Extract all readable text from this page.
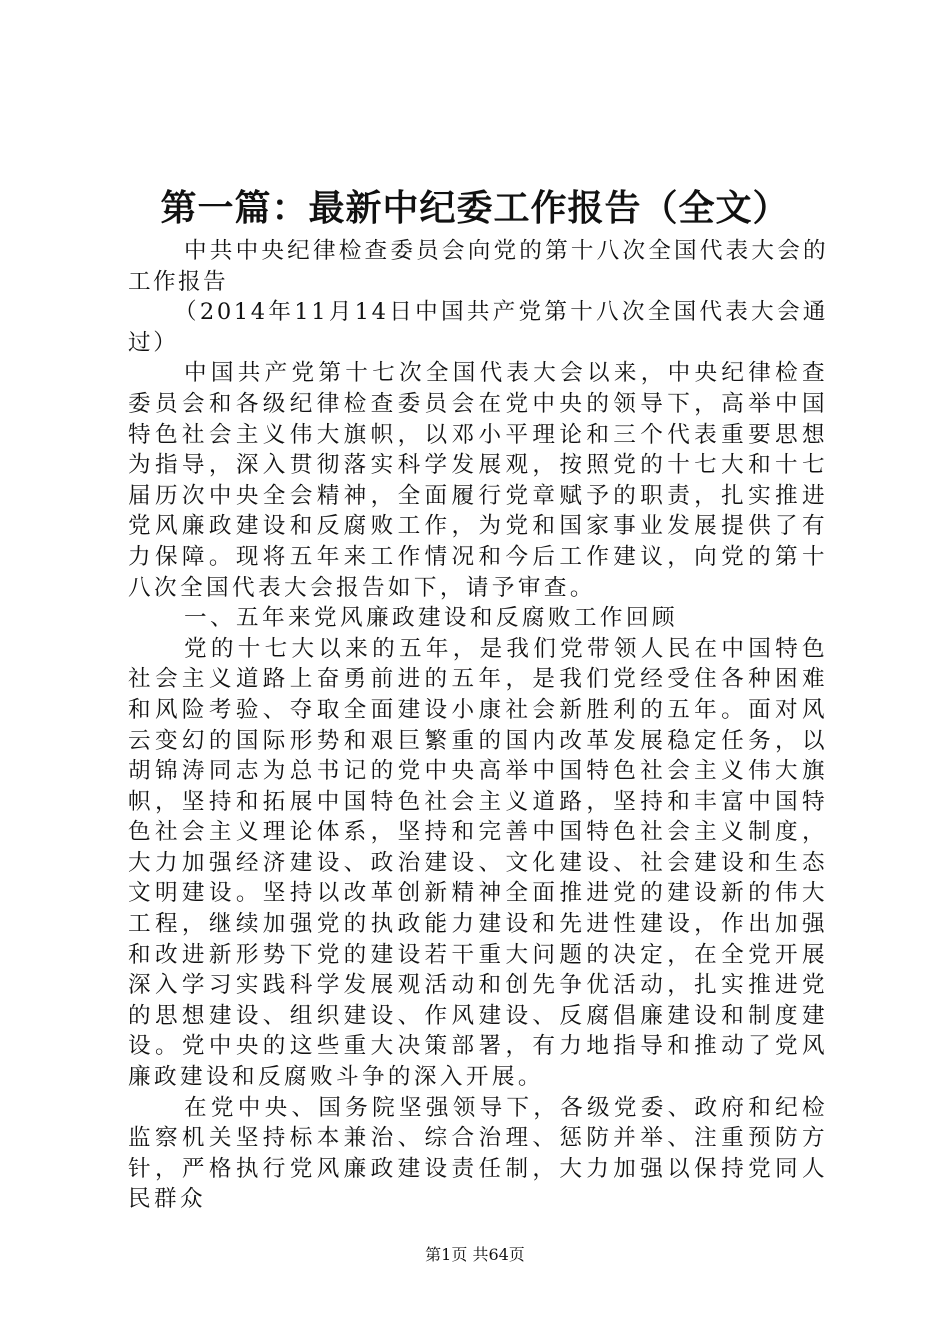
第一篇：最新中纪委工作报告（全文）

中共中央纪律检查委员会向党的第十八次全国代表大会的工作报告

（2014年11月14日中国共产党第十八次全国代表大会通过）

中国共产党第十七次全国代表大会以来，中央纪律检查委员会和各级纪律检查委员会在党中央的领导下，高举中国特色社会主义伟大旗帜，以邓小平理论和三个代表重要思想为指导，深入贯彻落实科学发展观，按照党的十七大和十七届历次中央全会精神，全面履行党章赋予的职责，扎实推进党风廉政建设和反腐败工作，为党和国家事业发展提供了有力保障。现将五年来工作情况和今后工作建议，向党的第十八次全国代表大会报告如下，请予审查。

一、五年来党风廉政建设和反腐败工作回顾

党的十七大以来的五年，是我们党带领人民在中国特色社会主义道路上奋勇前进的五年，是我们党经受住各种困难和风险考验、夺取全面建设小康社会新胜利的五年。面对风云变幻的国际形势和艰巨繁重的国内改革发展稳定任务，以胡锦涛同志为总书记的党中央高举中国特色社会主义伟大旗帜，坚持和拓展中国特色社会主义道路，坚持和丰富中国特色社会主义理论体系，坚持和完善中国特色社会主义制度，大力加强经济建设、政治建设、文化建设、社会建设和生态文明建设。坚持以改革创新精神全面推进党的建设新的伟大工程，继续加强党的执政能力建设和先进性建设，作出加强和改进新形势下党的建设若干重大问题的决定，在全党开展深入学习实践科学发展观活动和创先争优活动，扎实推进党的思想建设、组织建设、作风建设、反腐倡廉建设和制度建设。党中央的这些重大决策部署，有力地指导和推动了党风廉政建设和反腐败斗争的深入开展。

在党中央、国务院坚强领导下，各级党委、政府和纪检监察机关坚持标本兼治、综合治理、惩防并举、注重预防方针，严格执行党风廉政建设责任制，大力加强以保持党同人民群众

第1页 共64页
